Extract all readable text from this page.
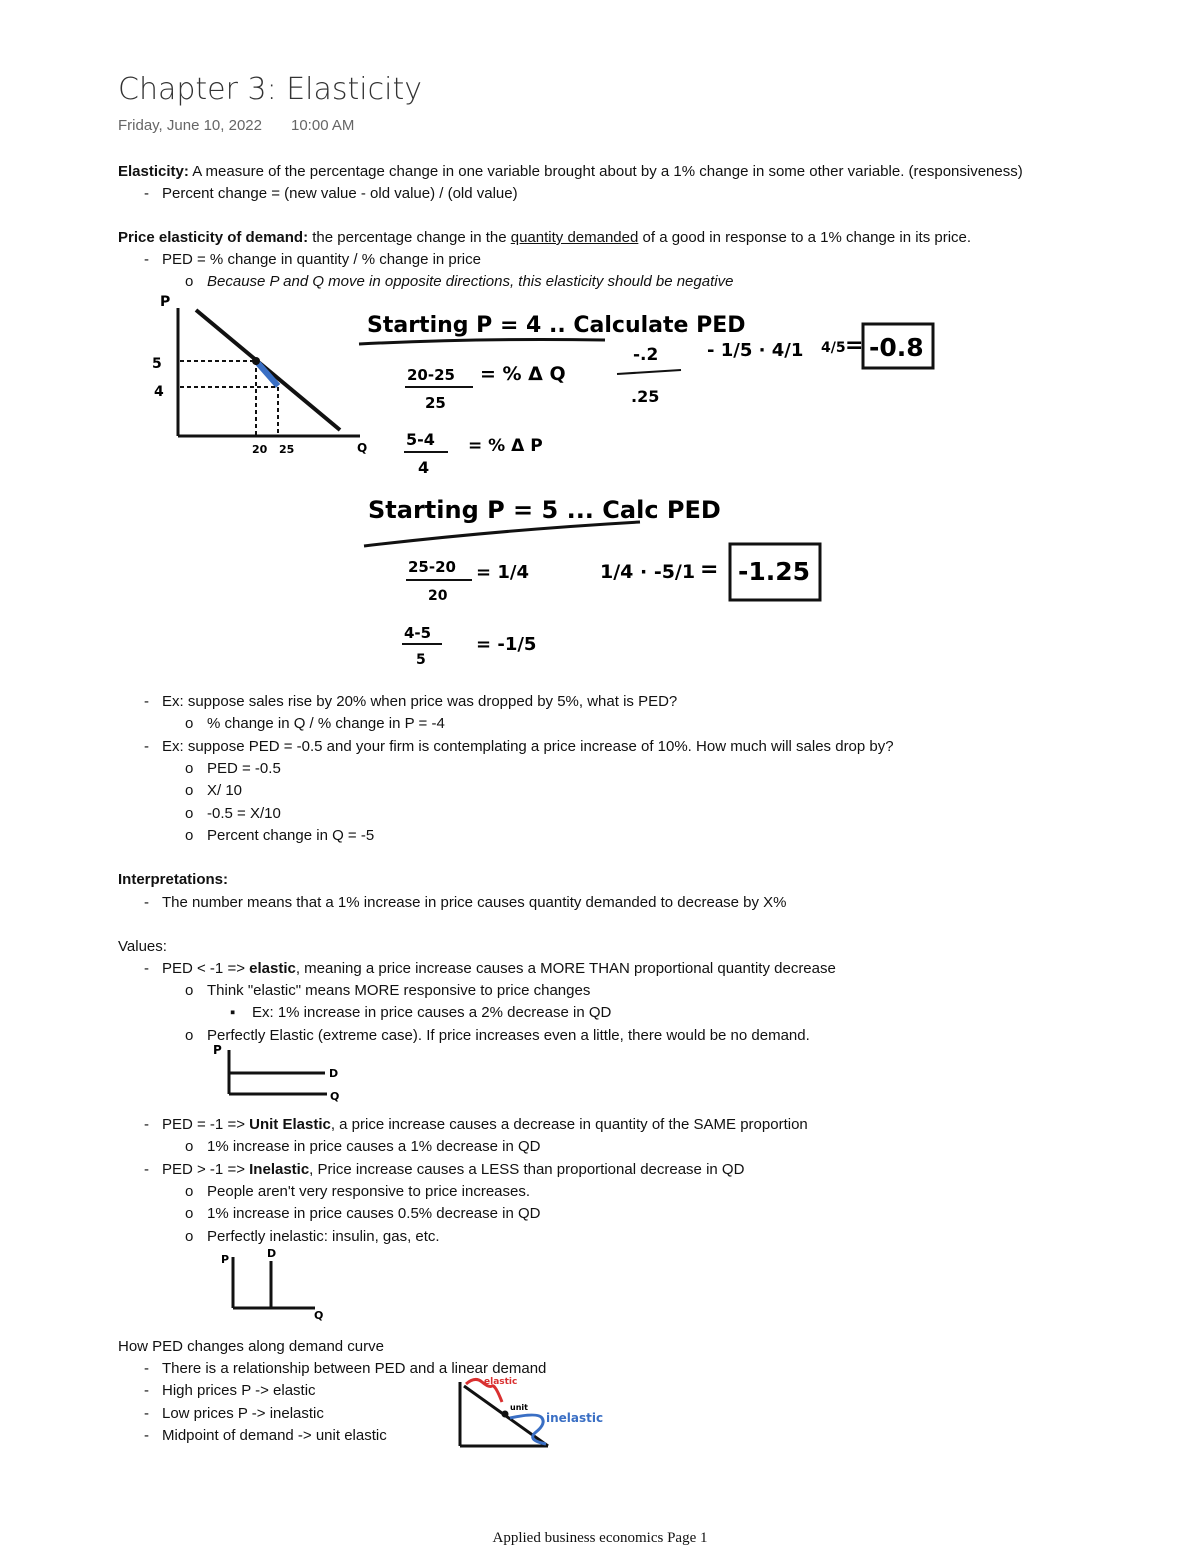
Chapter 3: Elasticity
Friday, June 10, 2022 10:00 AM
Elasticity: A measure of the percentage change in one variable brought about by a 1% change in some other variable. (responsiveness)
- Percent change = (new value - old value) / (old value)
Price elasticity of demand: the percentage change in the quantity demanded of a good in response to a 1% change in its price.
- PED = % change in quantity / % change in price
o Because P and Q move in opposite directions, this elasticity should be negative
P
5
4
20 25	Q
Starting P = 4 .. Calculate PED
20-25
25
= % Δ Q
-.2
.25
- 1/5 · 4/1 4/5 = -0.8
5-4
4
= % Δ P
Starting P = 5 ... Calc PED
25-20
20
= 1/4	1/4 · -5/1 = -1.25
4-5
5
= -1/5
- Ex: suppose sales rise by 20% when price was dropped by 5%, what is PED?
o % change in Q / % change in P = -4
- Ex: suppose PED = -0.5 and your firm is contemplating a price increase of 10%. How much will sales drop by?
o PED = -0.5
o X/ 10
o -0.5 = X/10
o Percent change in Q = -5
Interpretations:
- The number means that a 1% increase in price causes quantity demanded to decrease by X%
Values:
- PED < -1 => elastic, meaning a price increase causes a MORE THAN proportional quantity decrease
o Think "elastic" means MORE responsive to price changes
▪ Ex: 1% increase in price causes a 2% decrease in QD
o Perfectly Elastic (extreme case). If price increases even a little, there would be no demand.
P
D
Q
- PED = -1 => Unit Elastic, a price increase causes a decrease in quantity of the SAME proportion
o 1% increase in price causes a 1% decrease in QD
- PED > -1 => Inelastic, Price increase causes a LESS than proportional decrease in QD
o People aren't very responsive to price increases.
o 1% increase in price causes 0.5% decrease in QD
o Perfectly inelastic: insulin, gas, etc.
P	D
Q
How PED changes along demand curve
- There is a relationship between PED and a linear demand
- High prices P -> elastic
- Low prices P -> inelastic
- Midpoint of demand -> unit elastic
elastic
unit
inelastic
Applied business economics Page 1
